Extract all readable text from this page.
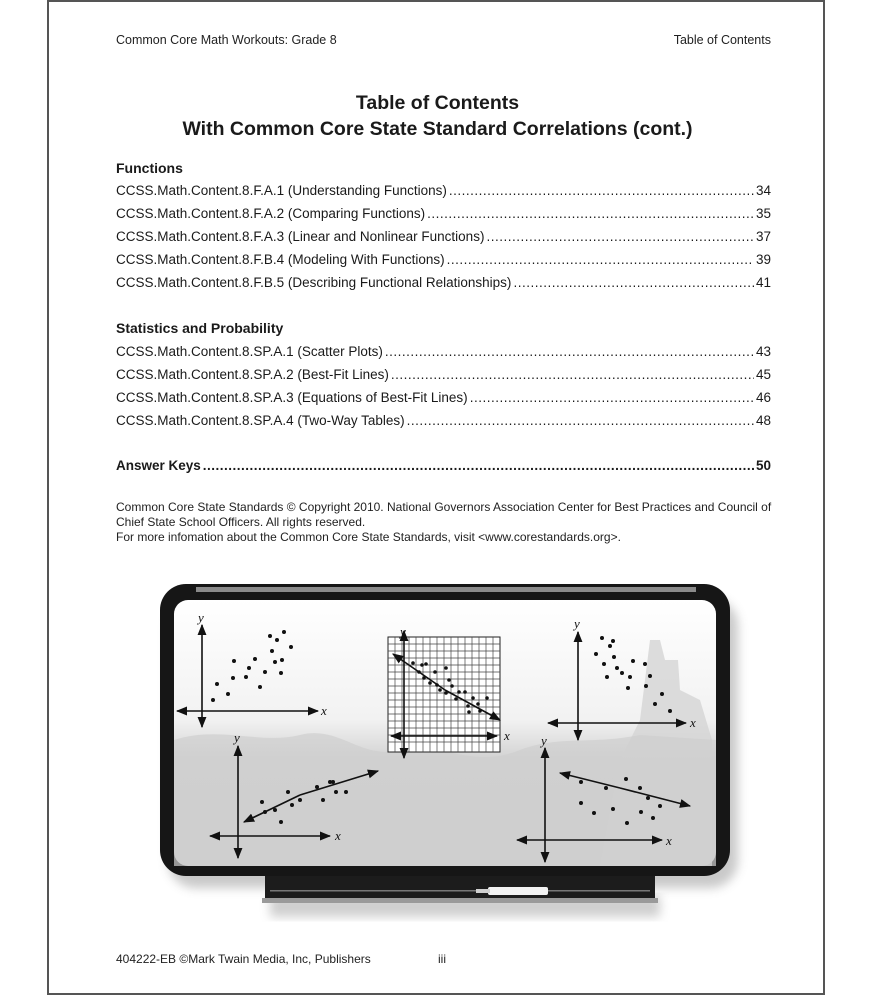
Common Core Math Workouts: Grade 8	Table of Contents
Table of Contents
With Common Core State Standard Correlations (cont.)
Functions
CCSS.Math.Content.8.F.A.1 (Understanding Functions) .....	34
CCSS.Math.Content.8.F.A.2 (Comparing Functions) .....	35
CCSS.Math.Content.8.F.A.3 (Linear and Nonlinear Functions) .....	37
CCSS.Math.Content.8.F.B.4 (Modeling With Functions) .....	39
CCSS.Math.Content.8.F.B.5 (Describing Functional Relationships) .....	41
Statistics and Probability
CCSS.Math.Content.8.SP.A.1 (Scatter Plots) .....	43
CCSS.Math.Content.8.SP.A.2 (Best-Fit Lines) .....	45
CCSS.Math.Content.8.SP.A.3 (Equations of Best-Fit Lines) .....	46
CCSS.Math.Content.8.SP.A.4 (Two-Way Tables) .....	48
Answer Keys .....	50
Common Core State Standards © Copyright 2010. National Governors Association Center for Best Practices and Council of Chief State School Officers. All rights reserved.
For more infomation about the Common Core State Standards, visit <www.corestandards.org>.
y
x
y
x
y
x
y
x
y
x
404222-EB ©Mark Twain Media, Inc, Publishers	iii
